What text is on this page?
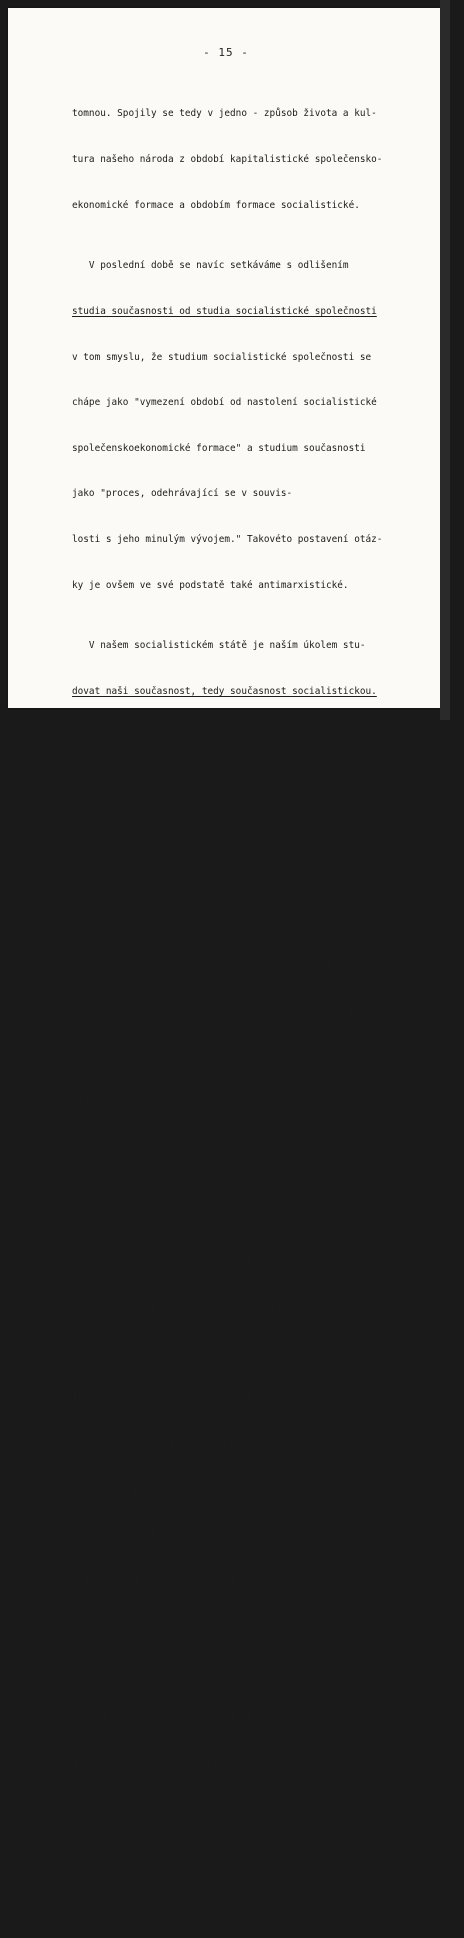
- 15 -

tomnou. Spojily se tedy v jedno - způsob života a kul-

tura našeho národa z období kapitalistické společensko-

ekonomické formace a obdobím formace socialistické.

V poslední době se navíc setkáváme s odlišením

studia současnosti od studia socialistické společnosti

v tom smyslu, že studium socialistické společnosti se

chápe jako "vymezení období od nastolení socialistické

společenskoekonomické formace" a studium současnosti

jako "proces, odehrávající se v souvis-

losti s jeho minulým vývojem." Takovéto postavení otáz-

ky je ovšem ve své podstatě také antimarxistické.

V našem socialistickém státě je naším úkolem stu-

dovat naši současnost, tedy současnost socialistickou.

Tím, že se odděluje problematika etnografie jakési

obecné současnosti od problematiky etnografie období

socialistické společenskoekonomické formace, staví se

totiž tato formace sama o sobě jako jakýsi soukromý

případ vývoje, nikoli však jako zákonitý výsledek a

vyústění vývoje společnosti, jako důsledek antagonis

tických třídních rozporů a bojů v kapitalistické for-

maci a jako důsledek vyvrcholení jejího vnitřního roz-

kladu.

Pochopitelně neexistuje důvod pro tvrzení, že

studium socialistického období nemá navazovat a ne-

navazuje na minulost, nezkoumá kontinuitu. Vždyť socia-

listické rysy způsobu života, kulturních a revolučních

tradic atd. v jejich etnických formách nevznikají jen

p o , ale daleko d o uskutečnění socialistické revo-

luce. Také po této revoluci, v první fázi komunismu,

po určitou dobu zůstává nadále např. "nejen buržoasní

právo, nýbrž i buržoasní stát - bez buržoasie" (Lenin).

A totéž se týká i ostatní nadstavby - ovšem již za

působení komunistické ideologie jako ideologie státní.

ní. Jde tedy o to, že právě tento vývoj máme zkoumat,

dialektický vývoj jevů, prvky nového ve starém, a sou-

časně vidět "pozůstatky starého v novém" (Lenin), aby-

chom odhalovali nedostatky a pomohli svými vědeckými

poznatky v boji proti starému.
